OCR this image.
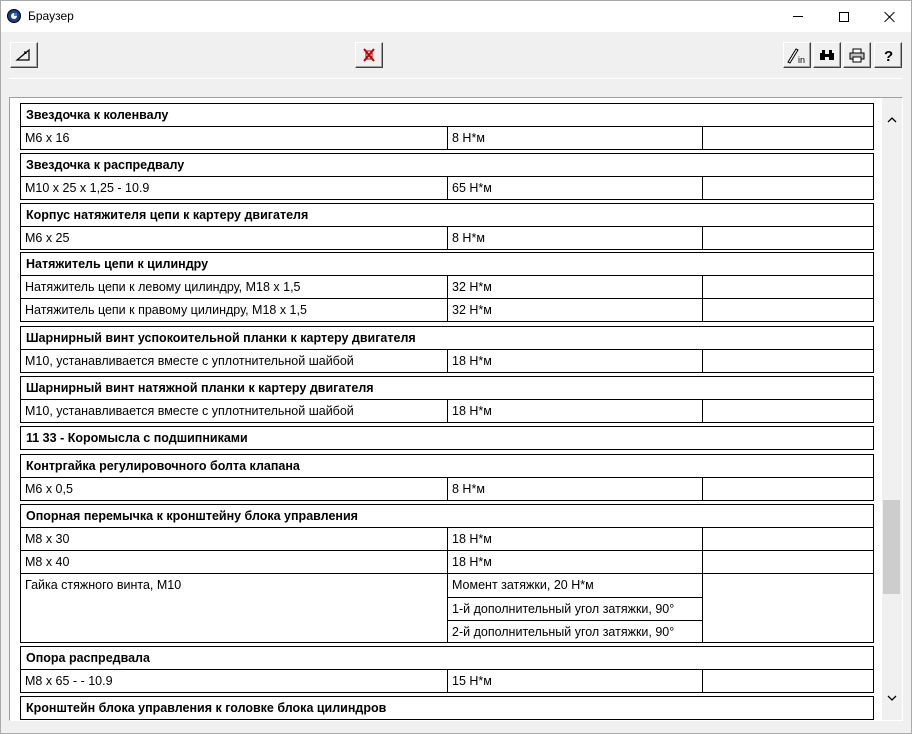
Браузер
in	?
Звездочка к коленвалу
M6 x 16	8 Н*м
Звездочка к распредвалу
M10 x 25 x 1,25 - 10.9	65 Н*м
Корпус натяжителя цепи к картеру двигателя
M6 x 25	8 Н*м
Натяжитель цепи к цилиндру
Натяжитель цепи к левому цилиндру, M18 x 1,5	32 Н*м
Натяжитель цепи к правому цилиндру, M18 x 1,5	32 Н*м
Шарнирный винт успокоительной планки к картеру двигателя
M10, устанавливается вместе с уплотнительной шайбой	18 Н*м
Шарнирный винт натяжной планки к картеру двигателя
M10, устанавливается вместе с уплотнительной шайбой	18 Н*м
11 33 - Коромысла с подшипниками
Контргайка регулировочного болта клапана
M6 x 0,5	8 Н*м
Опорная перемычка к кронштейну блока управления
M8 x 30	18 Н*м
M8 x 40	18 Н*м
Гайка стяжного винта, M10	Момент затяжки, 20 Н*м
1-й дополнительный угол затяжки, 90°
2-й дополнительный угол затяжки, 90°
Опора распредвала
M8 x 65 - - 10.9	15 Н*м
Кронштейн блока управления к головке блока цилиндров
